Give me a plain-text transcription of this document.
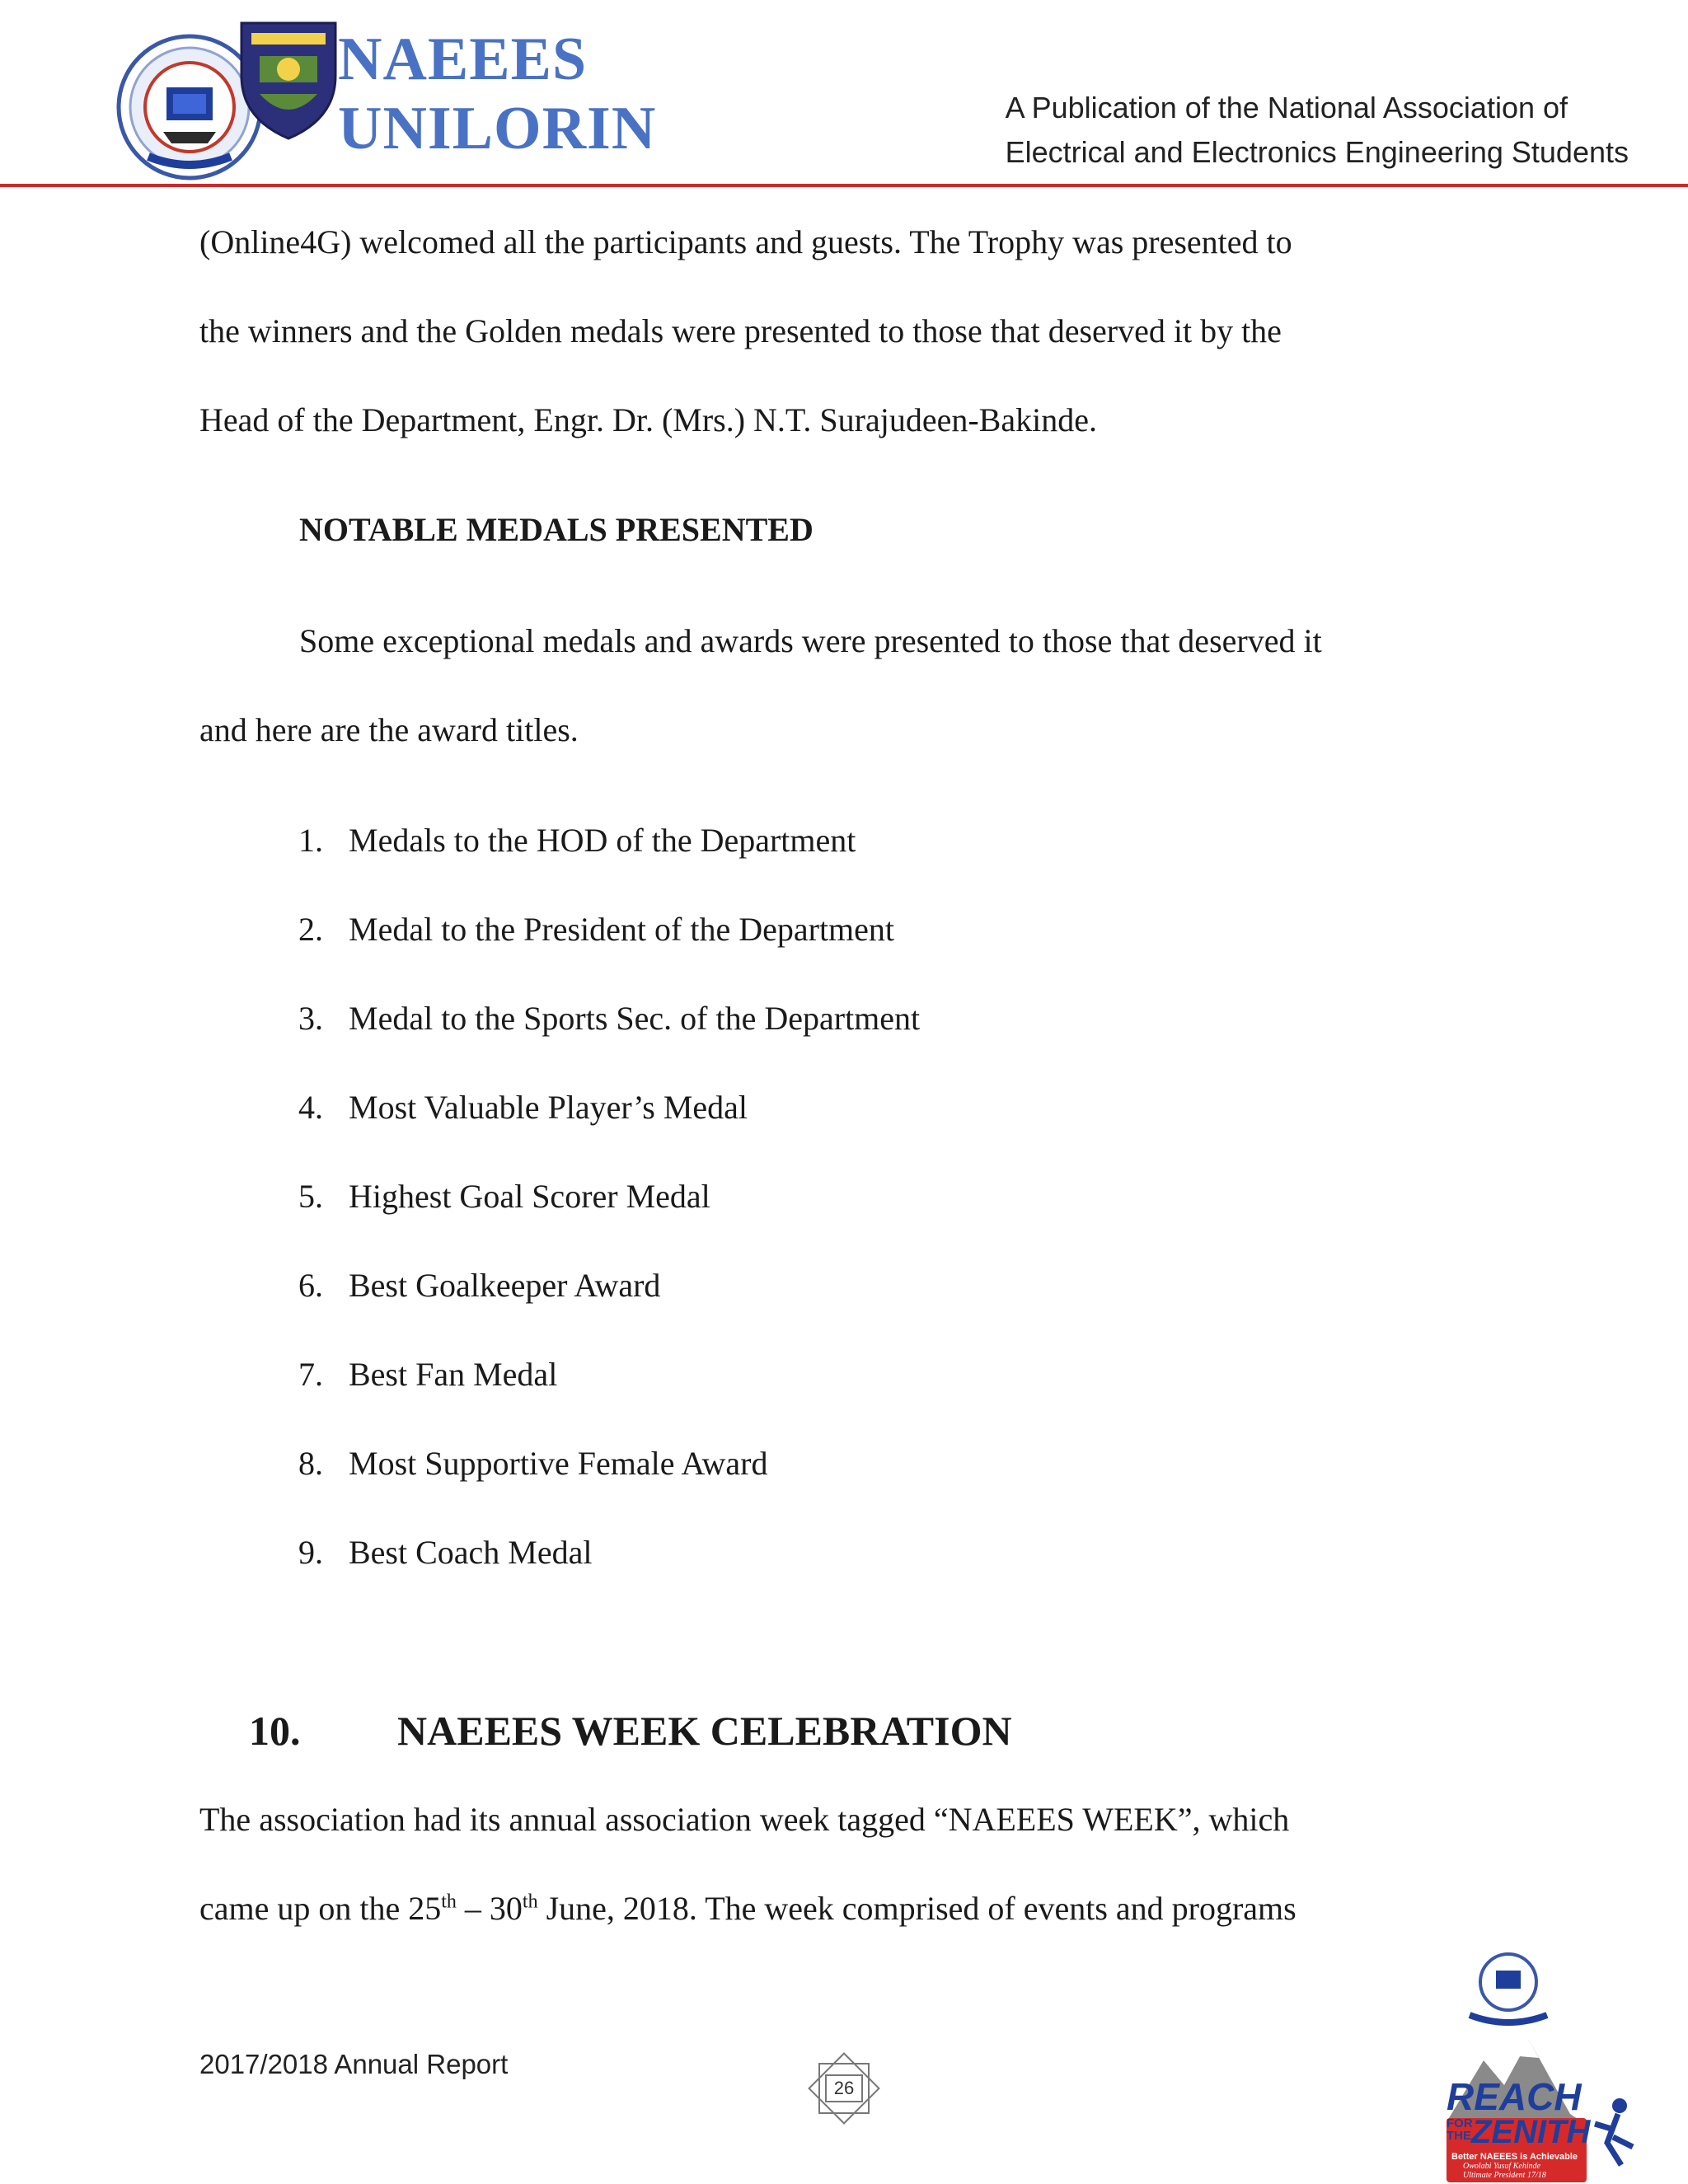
NAEEES
UNILORIN	A Publication of the National Association of
Electrical and Electronics Engineering Students

(Online4G) welcomed all the participants and guests. The Trophy was presented to

the winners and the Golden medals were presented to those that deserved it by the

Head of the Department, Engr. Dr. (Mrs.) N.T. Surajudeen-Bakinde.

NOTABLE MEDALS PRESENTED

Some exceptional medals and awards were presented to those that deserved it

and here are the award titles.

1. Medals to the HOD of the Department
2. Medal to the President of the Department
3. Medal to the Sports Sec. of the Department
4. Most Valuable Player’s Medal
5. Highest Goal Scorer Medal
6. Best Goalkeeper Award
7. Best Fan Medal
8. Most Supportive Female Award
9. Best Coach Medal
10. NAEEES WEEK CELEBRATION

The association had its annual association week tagged “NAEEES WEEK”, which

came up on the 25th – 30th June, 2018. The week comprised of events and programs

2017/2018 Annual Report
26	REACH
FOR THE ZENITH
Better NAEEES is Achievable
Owolabi Yusuf Kehinde
Ultimate President 17/18
